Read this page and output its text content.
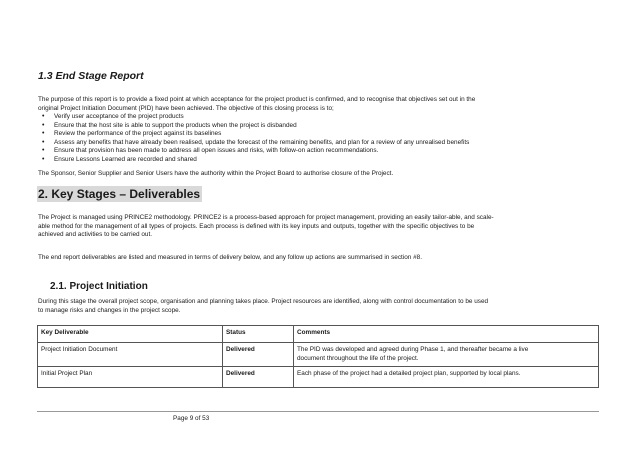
1.3 End Stage Report
The purpose of this report is to provide a fixed point at which acceptance for the project product is confirmed, and to recognise that objectives set out in the
original Project Initiation Document (PID) have been achieved. The objective of this closing process is to;
• Verify user acceptance of the project products
• Ensure that the host site is able to support the products when the project is disbanded
• Review the performance of the project against its baselines
• Assess any benefits that have already been realised, update the forecast of the remaining benefits, and plan for a review of any unrealised benefits
• Ensure that provision has been made to address all open issues and risks, with follow-on action recommendations.
• Ensure Lessons Learned are recorded and shared
The Sponsor, Senior Supplier and Senior Users have the authority within the Project Board to authorise closure of the Project.
2. Key Stages – Deliverables
The Project is managed using PRINCE2 methodology. PRINCE2 is a process-based approach for project management, providing an easily tailor-able, and scale-
able method for the management of all types of projects. Each process is defined with its key inputs and outputs, together with the specific objectives to be
achieved and activities to be carried out.
The end report deliverables are listed and measured in terms of delivery below, and any follow up actions are summarised in section #8.
2.1. Project Initiation
During this stage the overall project scope, organisation and planning takes place. Project resources are identified, along with control documentation to be used
to manage risks and changes in the project scope.
Key Deliverable	Status	Comments
Project Initiation Document	Delivered	The PID was developed and agreed during Phase 1, and thereafter became a live
document throughout the life of the project.

Initial Project Plan	Delivered	Each phase of the project had a detailed project plan, supported by local plans.
Page 9 of 53
